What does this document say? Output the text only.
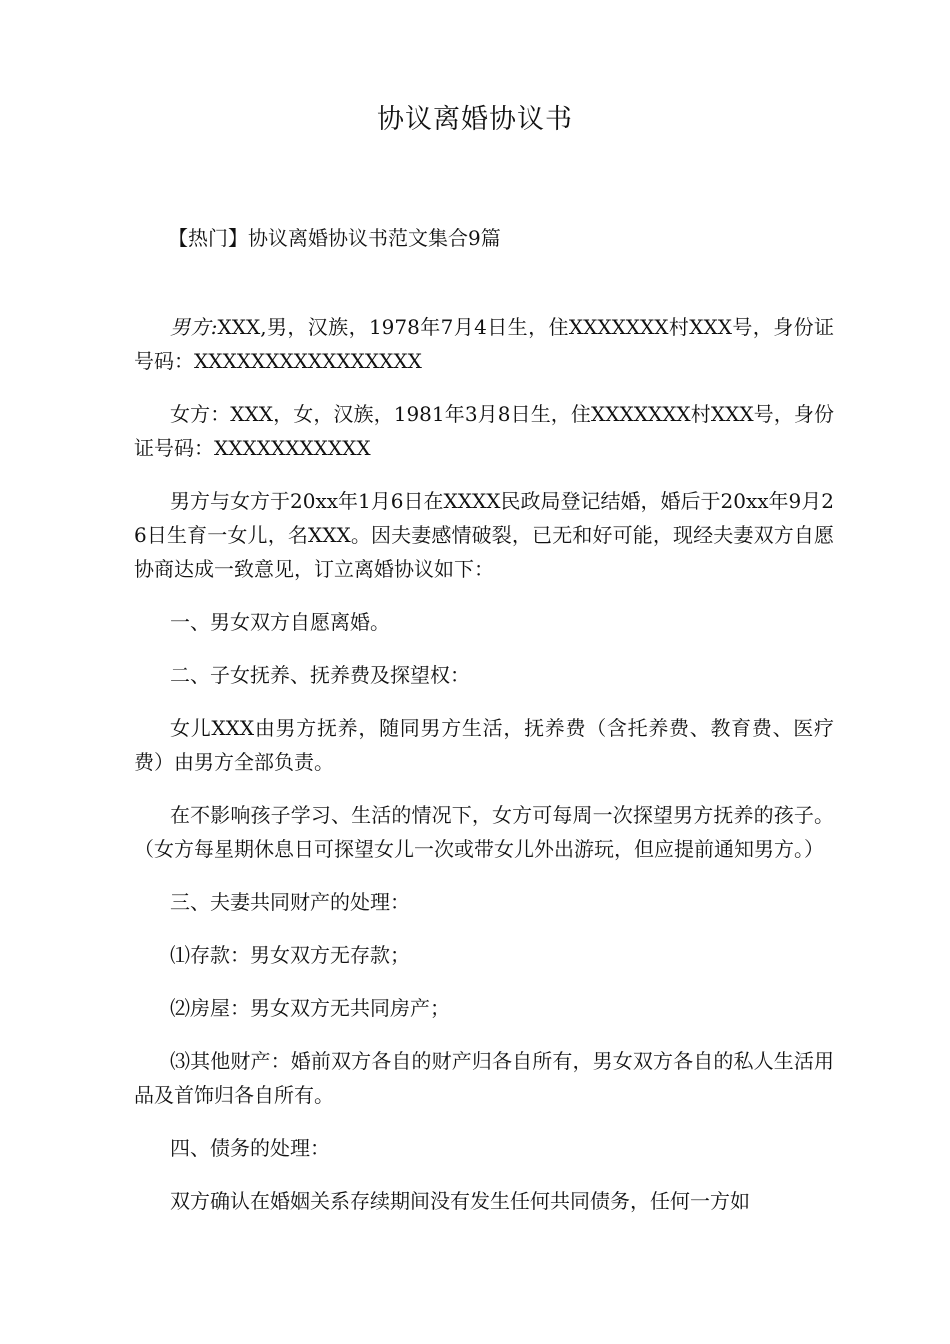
协议离婚协议书
【热门】协议离婚协议书范文集合9篇

男方:XXX,男，汉族，1978年7月4日生，住XXXXXXX村XXX号，身份证号码：XXXXXXXXXXXXXXXX

女方：XXX，女，汉族，1981年3月8日生，住XXXXXXX村XXX号，身份证号码：XXXXXXXXXXX

男方与女方于20xx年1月6日在XXXX民政局登记结婚，婚后于20xx年9月26日生育一女儿，名XXX。因夫妻感情破裂，已无和好可能，现经夫妻双方自愿协商达成一致意见，订立离婚协议如下：

一、男女双方自愿离婚。

二、子女抚养、抚养费及探望权：

女儿XXX由男方抚养，随同男方生活，抚养费（含托养费、教育费、医疗费）由男方全部负责。

在不影响孩子学习、生活的情况下，女方可每周一次探望男方抚养的孩子。（女方每星期休息日可探望女儿一次或带女儿外出游玩，但应提前通知男方。）

三、夫妻共同财产的处理：

⑴存款：男女双方无存款；

⑵房屋：男女双方无共同房产；

⑶其他财产：婚前双方各自的财产归各自所有，男女双方各自的私人生活用品及首饰归各自所有。

四、债务的处理：

双方确认在婚姻关系存续期间没有发生任何共同债务，任何一方如
